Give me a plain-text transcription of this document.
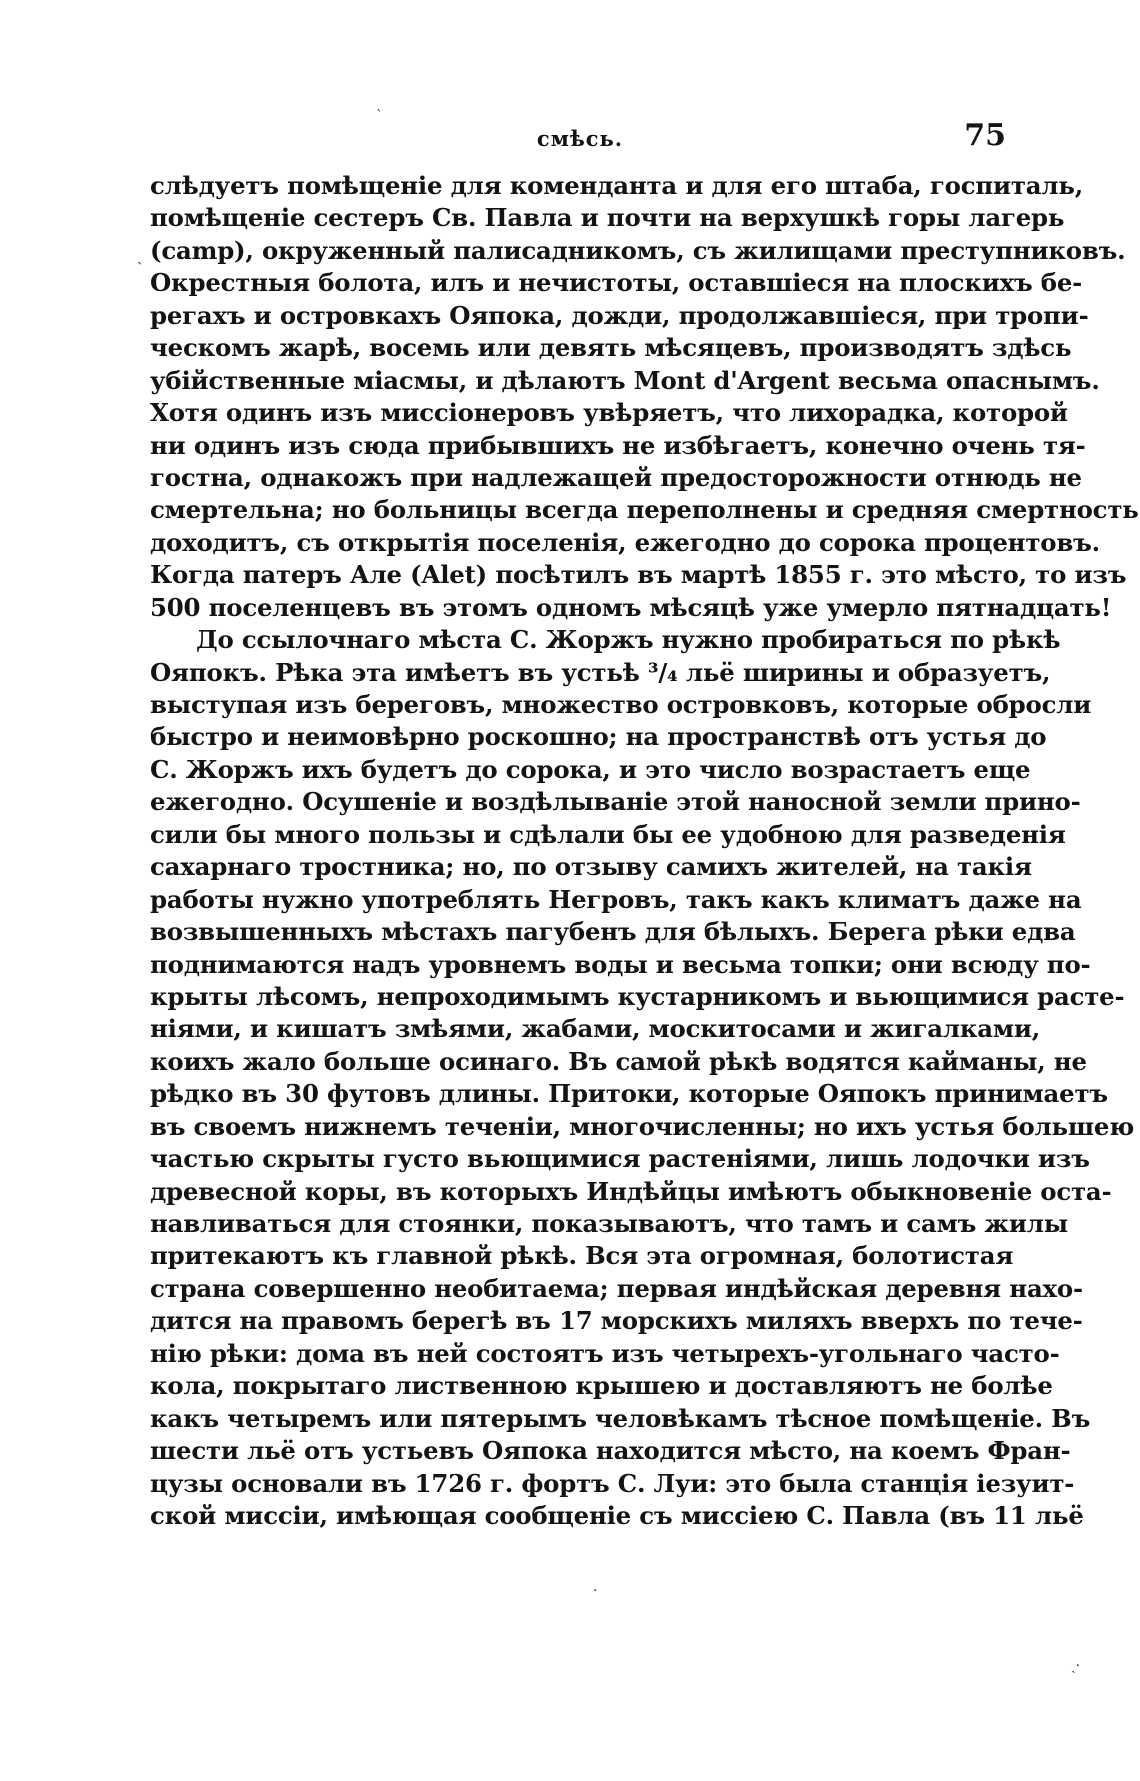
смѣсь.	75
`
ˏ
·
ˏ·
слѣдуетъ помѣщеніе для коменданта и для его штаба, госпиталь,
помѣщеніе сестеръ Св. Павла и почти на верхушкѣ горы лагерь
(camp), окруженный палисадникомъ, съ жилищами преступниковъ.
Окрестныя болота, илъ и нечистоты, оставшіеся на плоскихъ бе-
регахъ и островкахъ Ояпока, дожди, продолжавшіеся, при тропи-
ческомъ жарѣ, восемь или девять мѣсяцевъ, производятъ здѣсь
убійственные міасмы, и дѣлаютъ Mont d'Argent весьма опаснымъ.
Хотя одинъ изъ миссіонеровъ увѣряетъ, что лихорадка, которой
ни одинъ изъ сюда прибывшихъ не избѣгаетъ, конечно очень тя-
гостна, однакожъ при надлежащей предосторожности отнюдь не
смертельна; но больницы всегда переполнены и средняя смертность
доходитъ, съ открытія поселенія, ежегодно до сорока процентовъ.
Когда патеръ Але (Alet) посѣтилъ въ мартѣ 1855 г. это мѣсто, то изъ
500 поселенцевъ въ этомъ одномъ мѣсяцѣ уже умерло пятнадцать!
До ссылочнаго мѣста С. Жоржъ нужно пробираться по рѣкѣ
Ояпокъ. Рѣка эта имѣетъ въ устьѣ ³/₄ льё ширины и образуетъ,
выступая изъ береговъ, множество островковъ, которые обросли
быстро и неимовѣрно роскошно; на пространствѣ отъ устья до
С. Жоржъ ихъ будетъ до сорока, и это число возрастаетъ еще
ежегодно. Осушеніе и воздѣлываніе этой наносной земли прино-
сили бы много пользы и сдѣлали бы ее удобною для разведенія
сахарнаго тростника; но, по отзыву самихъ жителей, на такія
работы нужно употреблять Негровъ, такъ какъ климатъ даже на
возвышенныхъ мѣстахъ пагубенъ для бѣлыхъ. Берега рѣки едва
поднимаются надъ уровнемъ воды и весьма топки; они всюду по-
крыты лѣсомъ, непроходимымъ кустарникомъ и вьющимися расте-
ніями, и кишатъ змѣями, жабами, москитосами и жигалками,
коихъ жало больше осинаго. Въ самой рѣкѣ водятся кайманы, не
рѣдко въ 30 футовъ длины. Притоки, которые Ояпокъ принимаетъ
въ своемъ нижнемъ теченіи, многочисленны; но ихъ устья большею
частью скрыты густо вьющимися растеніями, лишь лодочки изъ
древесной коры, въ которыхъ Индѣйцы имѣютъ обыкновеніе оста-
навливаться для стоянки, показываютъ, что тамъ и самъ жилы
притекаютъ къ главной рѣкѣ. Вся эта огромная, болотистая
страна совершенно необитаема; первая индѣйская деревня нахо-
дится на правомъ берегѣ въ 17 морскихъ миляхъ вверхъ по тече-
нію рѣки: дома въ ней состоятъ изъ четырехъ-угольнаго часто-
кола, покрытаго лиственною крышею и доставляютъ не болѣе
какъ четыремъ или пятерымъ человѣкамъ тѣсное помѣщеніе. Въ
шести льё отъ устьевъ Ояпока находится мѣсто, на коемъ Фран-
цузы основали въ 1726 г. фортъ С. Луи: это была станція іезуит-
ской миссіи, имѣющая сообщеніе съ миссіею С. Павла (въ 11 льё
